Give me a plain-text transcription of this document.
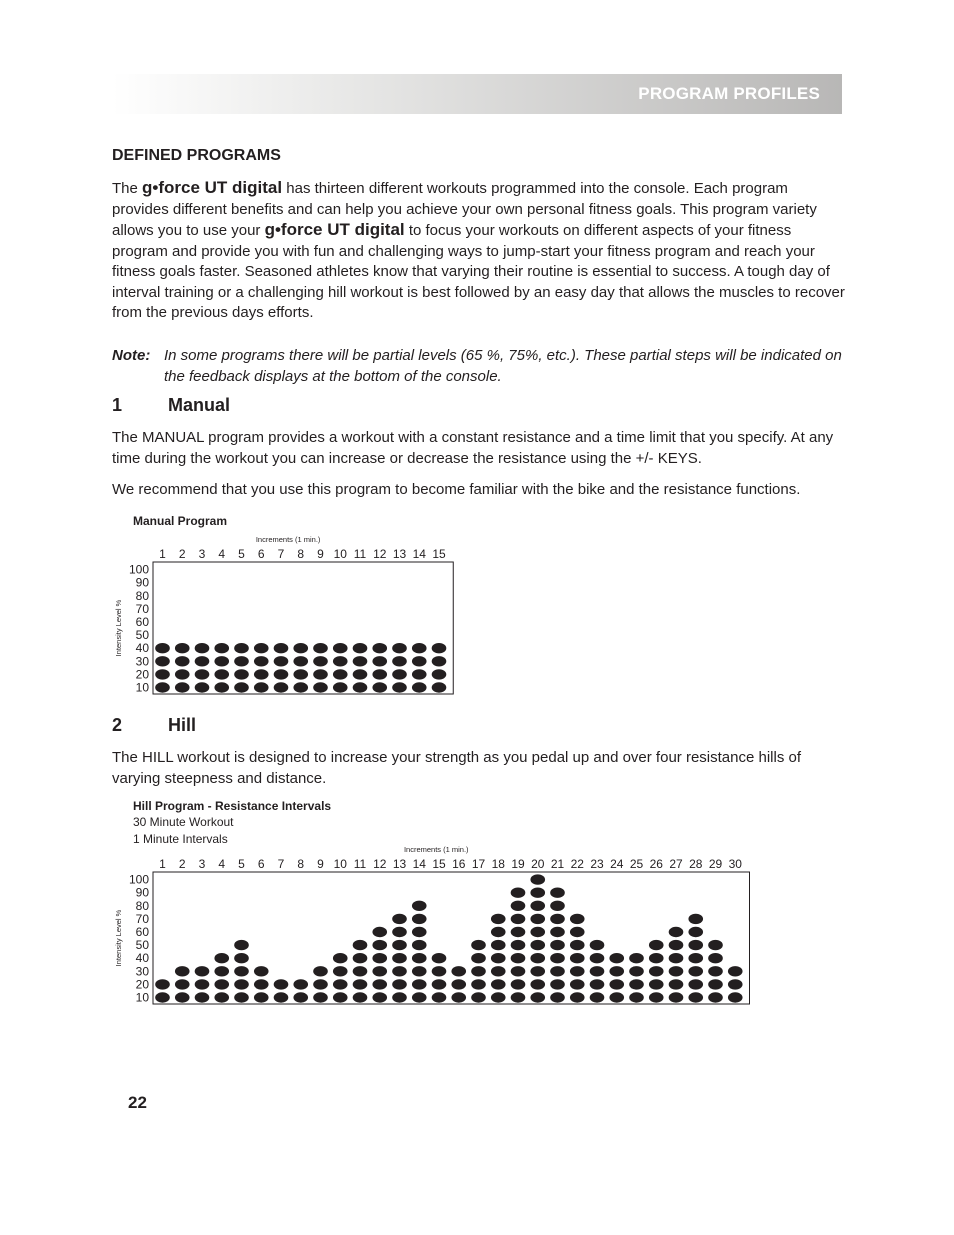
PROGRAM PROFILES
DEFINED PROGRAMS
The g•force UT digital has thirteen different workouts programmed into the console. Each program provides different benefits and can help you achieve your own personal fitness goals. This program variety allows you to use your g•force UT digital to focus your workouts on different aspects of your fitness program and provide you with fun and challenging ways to jump-start your fitness program and reach your fitness goals faster. Seasoned athletes know that varying their routine is essential to success. A tough day of interval training or a challenging hill workout is best followed by an easy day that allows the muscles to recover from the previous days efforts.
Note: In some programs there will be partial levels (65 %, 75%, etc.). These partial steps will be indicated on the feedback displays at the bottom of the console.
1	Manual
The MANUAL program provides a workout with a constant resistance and a time limit that you specify. At any time during the workout you can increase or decrease the resistance using the +/- KEYS.
We recommend that you use this program to become familiar with the bike and the resistance functions.
Manual Program
Increments (1 min.)
1 2 3 4 5 6 7 8 9 10 11 12 13 14 15
10
20
30
40
50
60
70
80
90
100
Intensity Level %
2	Hill
The HILL workout is designed to increase your strength as you pedal up and over four resistance hills of varying steepness and distance.
Hill Program - Resistance Intervals
30 Minute Workout
1 Minute Intervals
Increments (1 min.)
1 2 3 4 5 6 7 8 9 10 11 12 13 14 15 16 17 18 19 20 21 22 23 24 25 26 27 28 29 30
10
20
30
40
50
60
70
80
90
100
Intensity Level %
22
